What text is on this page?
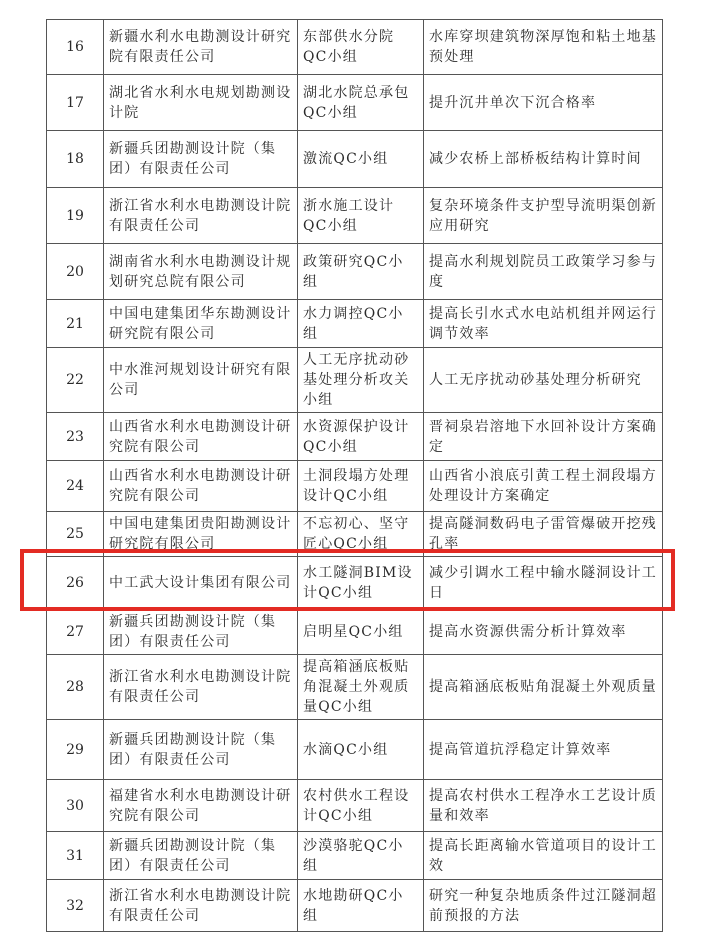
16	新疆水利水电勘测设计研究院有限责任公司	东部供水分院QC小组	水库穿坝建筑物深厚饱和粘土地基预处理
17	湖北省水利水电规划勘测设计院	湖北水院总承包QC小组	提升沉井单次下沉合格率
18	新疆兵团勘测设计院（集团）有限责任公司	激流QC小组	减少农桥上部桥板结构计算时间
19	浙江省水利水电勘测设计院有限责任公司	浙水施工设计QC小组	复杂环境条件支护型导流明渠创新应用研究
20	湖南省水利水电勘测设计规划研究总院有限公司	政策研究QC小组	提高水利规划院员工政策学习参与度
21	中国电建集团华东勘测设计研究院有限公司	水力调控QC小组	提高长引水式水电站机组并网运行调节效率
22	中水淮河规划设计研究有限公司	人工无序扰动砂基处理分析攻关小组	人工无序扰动砂基处理分析研究
23	山西省水利水电勘测设计研究院有限公司	水资源保护设计QC小组	晋祠泉岩溶地下水回补设计方案确定
24	山西省水利水电勘测设计研究院有限公司	土洞段塌方处理设计QC小组	山西省小浪底引黄工程土洞段塌方处理设计方案确定
25	中国电建集团贵阳勘测设计研究院有限公司	不忘初心、坚守匠心QC小组	提高隧洞数码电子雷管爆破开挖残孔率
26	中工武大设计集团有限公司	水工隧洞BIM设计QC小组	减少引调水工程中输水隧洞设计工日
27	新疆兵团勘测设计院（集团）有限责任公司	启明星QC小组	提高水资源供需分析计算效率
28	浙江省水利水电勘测设计院有限责任公司	提高箱涵底板贴角混凝土外观质量QC小组	提高箱涵底板贴角混凝土外观质量
29	新疆兵团勘测设计院（集团）有限责任公司	水滴QC小组	提高管道抗浮稳定计算效率
30	福建省水利水电勘测设计研究院有限公司	农村供水工程设计QC小组	提高农村供水工程净水工艺设计质量和效率
31	新疆兵团勘测设计院（集团）有限责任公司	沙漠骆驼QC小组	提高长距离输水管道项目的设计工效
32	浙江省水利水电勘测设计院有限责任公司	水地勘研QC小组	研究一种复杂地质条件过江隧洞超前预报的方法
